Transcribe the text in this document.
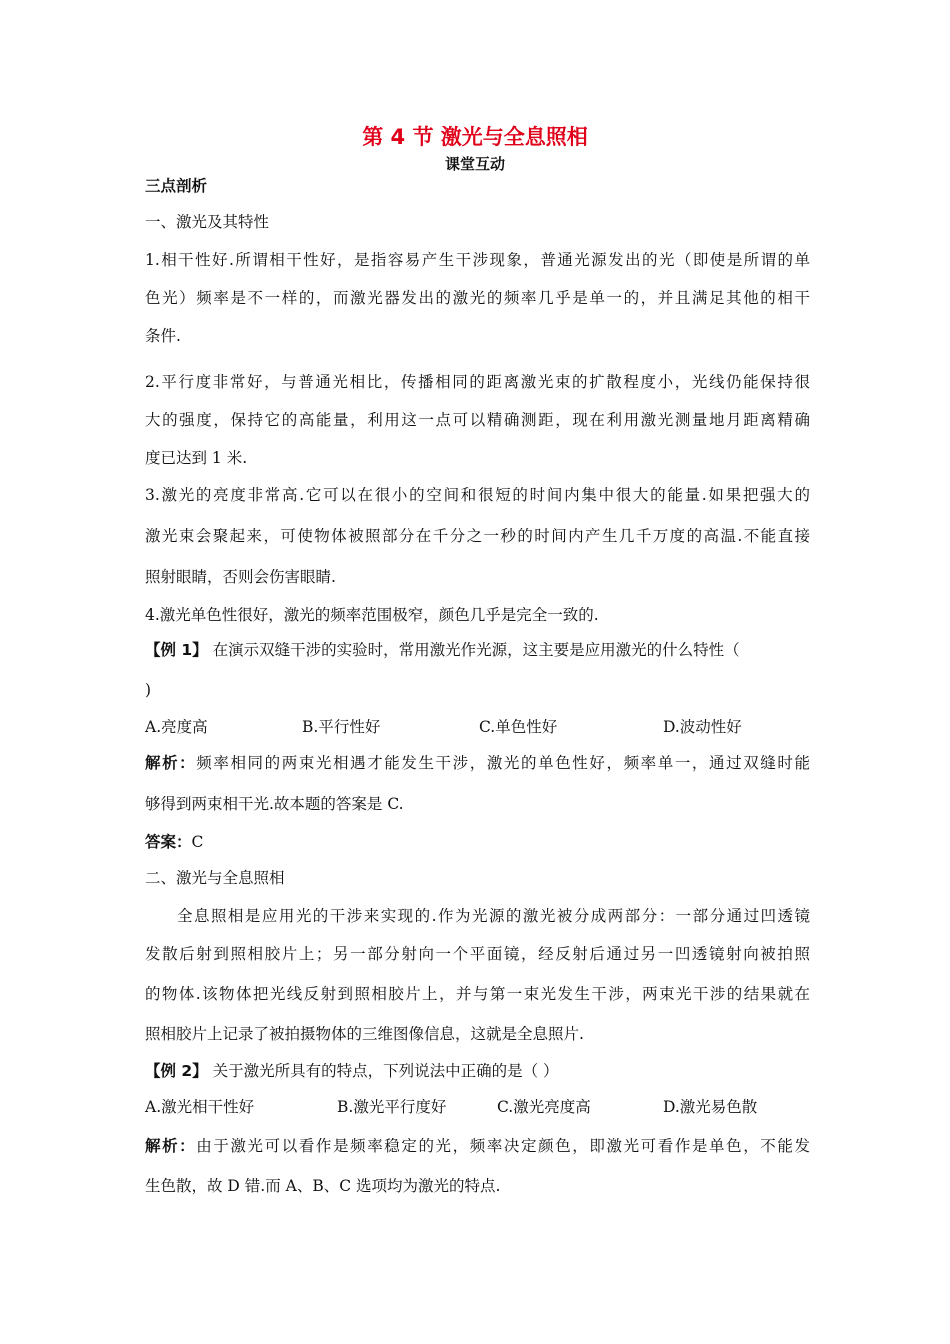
第 4 节 激光与全息照相
课堂互动
三点剖析
一、激光及其特性
1.相干性好.所谓相干性好，是指容易产生干涉现象，普通光源发出的光（即使是所谓的单
色光）频率是不一样的，而激光器发出的激光的频率几乎是单一的，并且满足其他的相干
条件.
2.平行度非常好，与普通光相比，传播相同的距离激光束的扩散程度小，光线仍能保持很
大的强度，保持它的高能量，利用这一点可以精确测距，现在利用激光测量地月距离精确
度已达到 1 米.
3.激光的亮度非常高.它可以在很小的空间和很短的时间内集中很大的能量.如果把强大的
激光束会聚起来，可使物体被照部分在千分之一秒的时间内产生几千万度的高温.不能直接
照射眼睛，否则会伤害眼睛.
4.激光单色性很好，激光的频率范围极窄，颜色几乎是完全一致的.
【例 1】 在演示双缝干涉的实验时，常用激光作光源，这主要是应用激光的什么特性（
)
A.亮度高	B.平行性好	C.单色性好	D.波动性好
解析：频率相同的两束光相遇才能发生干涉，激光的单色性好，频率单一，通过双缝时能
够得到两束相干光.故本题的答案是 C.
答案：C
二、激光与全息照相
全息照相是应用光的干涉来实现的.作为光源的激光被分成两部分：一部分通过凹透镜
发散后射到照相胶片上；另一部分射向一个平面镜，经反射后通过另一凹透镜射向被拍照
的物体.该物体把光线反射到照相胶片上，并与第一束光发生干涉，两束光干涉的结果就在
照相胶片上记录了被拍摄物体的三维图像信息，这就是全息照片.
【例 2】 关于激光所具有的特点，下列说法中正确的是（ ）
A.激光相干性好	B.激光平行度好	C.激光亮度高	D.激光易色散
解析：由于激光可以看作是频率稳定的光，频率决定颜色，即激光可看作是单色，不能发
生色散，故 D 错.而 A、B、C 选项均为激光的特点.
